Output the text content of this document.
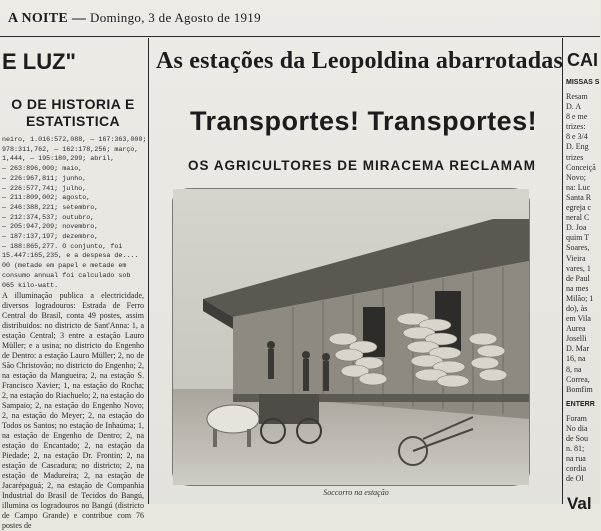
A NOITE — Domingo, 3 de Agosto de 1919
E LUZ"
O DE HISTORIA E ESTATISTICA
neiro, 1.016:572,088, — 167:363,000;
978:311,762, — 162:178,256; março,
1,444, — 195:180,299; abril,
— 263:896,000; maio,
— 226:967,811; junho,
— 226:577,741; julho,
— 211:809,002; agosto,
— 246:388,221; setembro,
— 212:374,537; outubro,
— 205:947,209; novembro,
— 187:137,197; dezembro,
— 188:865,277. O conjunto, foi
15.447:165,235, e a despesa de....
00 (metade em papel e metade em
consumo annual foi calculado sob
065 kilo-watt.
A illuminação publica a electricidade, diversos logradouros: Estrada de Ferro Central do Brasil, conta 49 postes, assim distribuidos: no districto de Sant'Anna: 1, a estação Central; 3 entre a estação Lauro Müller; e a usina; no districto do Engenho de Dentro: a estação Lauro Müller; 2, no de São Christovão; no districto do Engenho; 2, na estação da Mangueira; 2, na estação S. Francisco Xavier; 1, na estação do Rocha; 2, na estação do Riachuelo; 2, na estação do Sampaio; 2, na estação do Engenho Novo; 2, na estação do Meyer; 2, na estação do Todos os Santos; no estação de Inhaúma; 1, na estação de Engenho de Dentro; 2, na estação do Encantado; 2, na estação da Piedade; 2, na estação Dr. Frontin; 2, na estação de Cascadura; no districto; 2, na estação de Madureira; 2, na estação de Jacarépaguá; 2, na estação de Companhia Industrial do Brasil de Tecidos do Bangú, illumina os logradouros no Bangú (districto de Campo Grande) e contribue com 76 postes de
As estações da Leopoldina abarrotadas
Transportes! Transportes!
OS AGRICULTORES DE MIRACEMA RECLAMAM
Soccorro na estação
CAI
MISSAS S
Resam
D. A
8 e me
trizes:
8 e 3/4
D. Eng
trizes
Conceiçã
Novo;
na: Luc
Santa R
egreja c
neral C
D. Joa
quim T
Soares,
Vieira
vares, 1
de Paul
na mes
Milão; 1
do), às
em Vila
Aurea
Joselli
D. Mar
16, na
8, na
Correa,
Bomfim
ENTERR
Foram
No dia
de Sou
n. 81;
na rua
cordia
de Ol
Val
